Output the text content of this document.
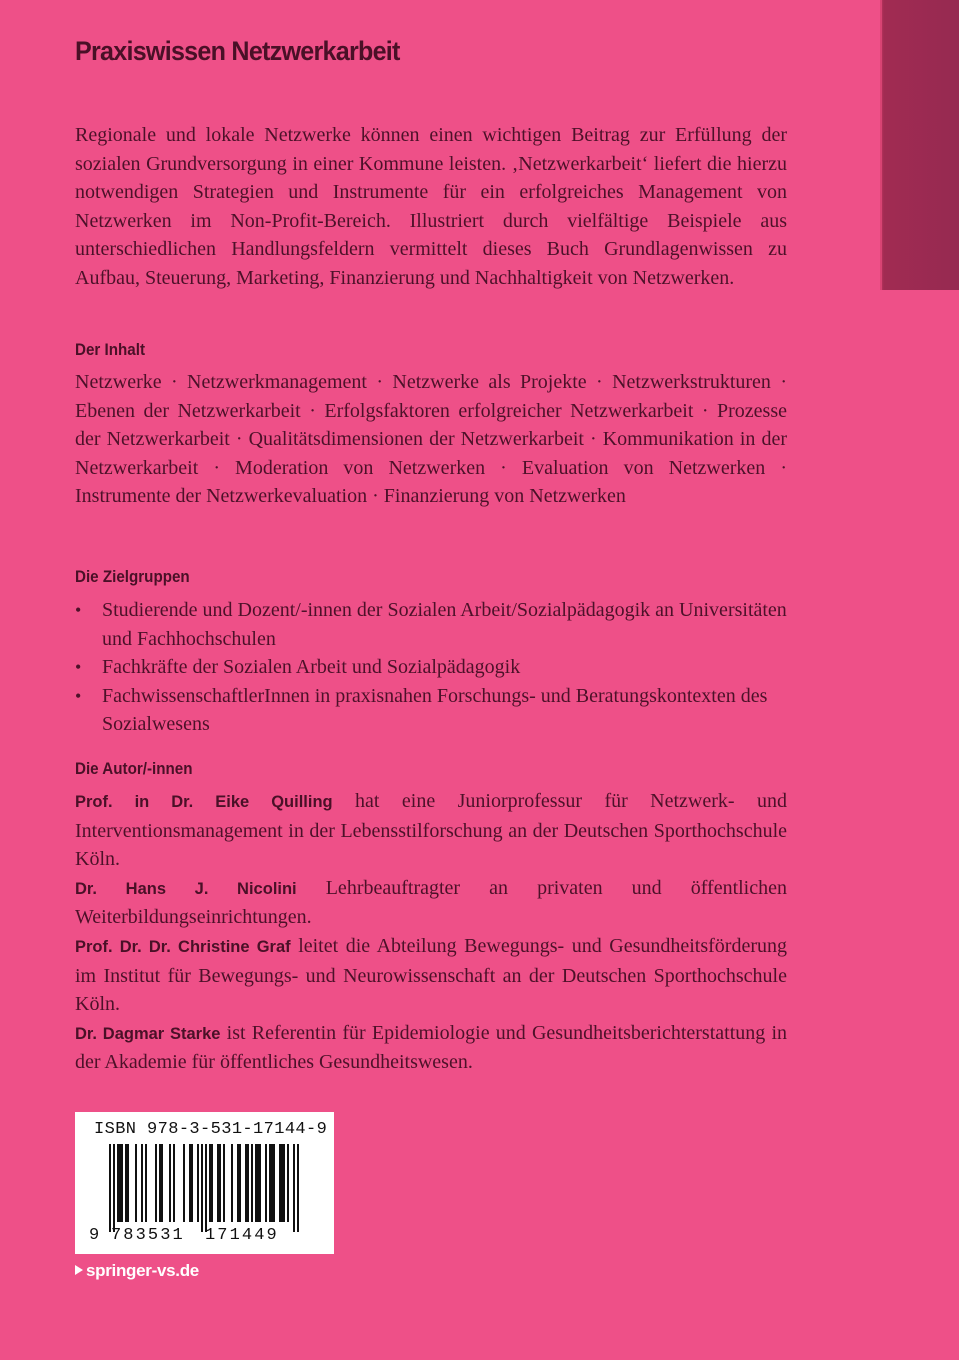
Praxiswissen Netzwerkarbeit

Regionale und lokale Netzwerke können einen wichtigen Beitrag zur Erfüllung der sozialen Grundversorgung in einer Kommune leisten. ‚Netzwerkarbeit‘ liefert die hierzu notwendigen Strategien und Instrumente für ein erfolgreiches Management von Netzwerken im Non-Profit-Bereich. Illustriert durch vielfältige Beispiele aus unterschiedlichen Handlungsfeldern vermittelt dieses Buch Grundlagenwissen zu Aufbau, Steuerung, Marketing, Finanzierung und Nachhaltigkeit von Netzwerken.

Der Inhalt

Netzwerke · Netzwerkmanagement · Netzwerke als Projekte · Netzwerkstrukturen · Ebenen der Netzwerkarbeit · Erfolgsfaktoren erfolgreicher Netzwerkarbeit · Prozesse der Netzwerkarbeit · Qualitätsdimensionen der Netzwerkarbeit · Kommunikation in der Netzwerkarbeit · Moderation von Netzwerken · Evaluation von Netzwerken · Instrumente der Netzwerkevaluation · Finanzierung von Netzwerken

Die Zielgruppen
• Studierende und Dozent/-innen der Sozialen Arbeit/Sozialpädagogik an Universitäten und Fachhochschulen
• Fachkräfte der Sozialen Arbeit und Sozialpädagogik
• FachwissenschaftlerInnen in praxisnahen Forschungs- und Beratungskontexten des Sozialwesens
Die Autor/-innen

Prof. in Dr. Eike Quilling hat eine Juniorprofessur für Netzwerk- und Interventionsmanagement in der Lebensstilforschung an der Deutschen Sporthochschule Köln.

Dr. Hans J. Nicolini Lehrbeauftragter an privaten und öffentlichen Weiterbildungseinrichtungen.

Prof. Dr. Dr. Christine Graf leitet die Abteilung Bewegungs- und Gesundheitsförderung im Institut für Bewegungs- und Neurowissenschaft an der Deutschen Sporthochschule Köln.

Dr. Dagmar Starke ist Referentin für Epidemiologie und Gesundheitsberichterstattung in der Akademie für öffentliches Gesundheitswesen.

ISBN 978-3-531-17144-9
9 783531 171449
springer-vs.de
